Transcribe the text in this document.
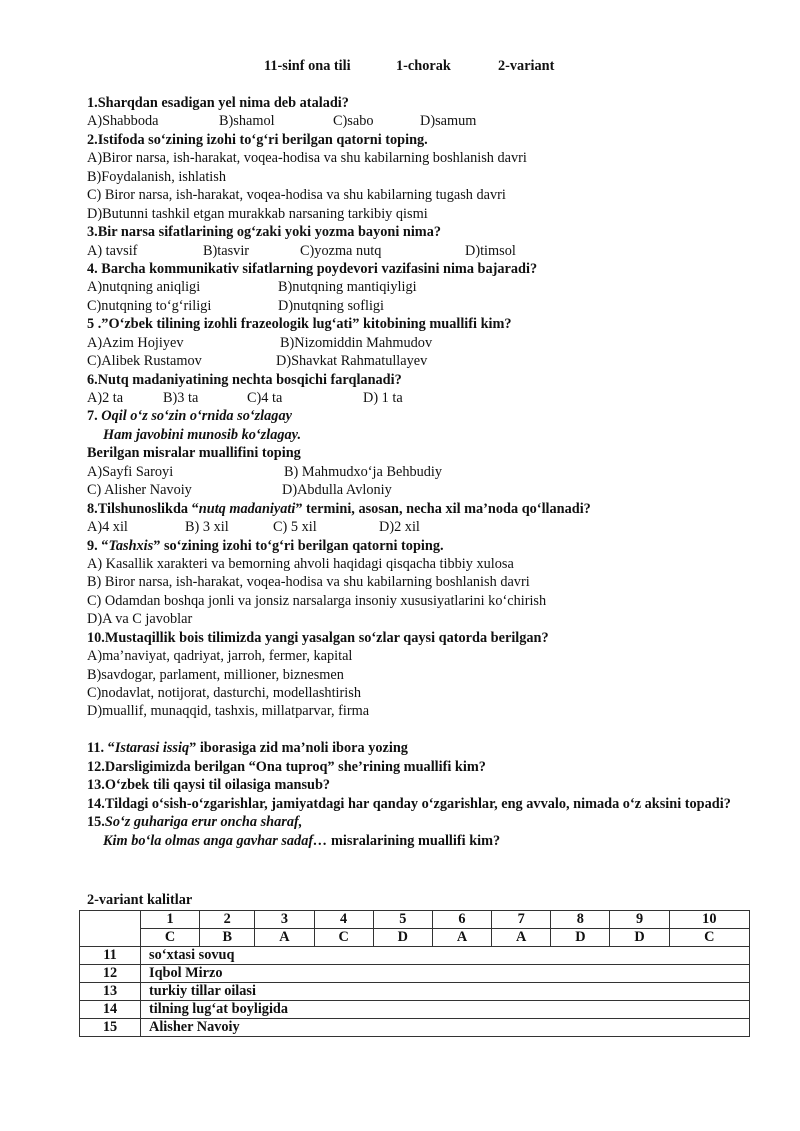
11-sinf ona tili	1-chorak	2-variant
1.Sharqdan esadigan yel nima deb ataladi?
A)Shabboda	B)shamol	C)sabo	D)samum
2.Istifoda so‘zining izohi to‘g‘ri berilgan qatorni toping.
A)Biror narsa, ish-harakat, voqea-hodisa va shu kabilarning boshlanish davri
B)Foydalanish, ishlatish
C) Biror narsa, ish-harakat, voqea-hodisa va shu kabilarning tugash davri
D)Butunni tashkil etgan murakkab narsaning tarkibiy qismi
3.Bir narsa sifatlarining og‘zaki yoki yozma bayoni nima?
A) tavsif	B)tasvir	C)yozma nutq	D)timsol
4. Barcha kommunikativ sifatlarning poydevori vazifasini nima bajaradi?
A)nutqning aniqligi	B)nutqning mantiqiyligi
C)nutqning to‘g‘riligi	D)nutqning sofligi
5 .”O‘zbek tilining izohli frazeologik lug‘ati” kitobining muallifi kim?
A)Azim Hojiyev	B)Nizomiddin Mahmudov
C)Alibek Rustamov	D)Shavkat Rahmatullayev
6.Nutq madaniyatining nechta bosqichi farqlanadi?
A)2 ta	B)3 ta	C)4 ta	D) 1 ta
7. Oqil o‘z so‘zin o‘rnida so‘zlagay
Ham javobini munosib ko‘zlagay.
Berilgan misralar muallifini toping
A)Sayfi Saroyi	B) Mahmudxo‘ja Behbudiy
C) Alisher Navoiy	D)Abdulla Avloniy
8.Tilshunoslikda “nutq madaniyati” termini, asosan, necha xil ma’noda qo‘llanadi?
A)4 xil	B) 3 xil	C) 5 xil	D)2 xil
9. “Tashxis” so‘zining izohi to‘g‘ri berilgan qatorni toping.
A) Kasallik xarakteri va bemorning ahvoli haqidagi qisqacha tibbiy xulosa
B) Biror narsa, ish-harakat, voqea-hodisa va shu kabilarning boshlanish davri
C) Odamdan boshqa jonli va jonsiz narsalarga insoniy xususiyatlarini ko‘chirish
D)A va C javoblar
10.Mustaqillik bois tilimizda yangi yasalgan so‘zlar qaysi qatorda berilgan?
A)ma’naviyat, qadriyat, jarroh, fermer, kapital
B)savdogar, parlament, millioner, biznesmen
C)nodavlat, notijorat, dasturchi, modellashtirish
D)muallif, munaqqid, tashxis, millatparvar, firma
11. “Istarasi issiq” iborasiga zid ma’noli ibora yozing
12.Darsligimizda berilgan “Ona tuproq” she’rining muallifi kim?
13.O‘zbek tili qaysi til oilasiga mansub?
14.Tildagi o‘sish-o‘zgarishlar, jamiyatdagi har qanday o‘zgarishlar, eng avvalo, nimada o‘z aksini topadi?
15.So‘z guhariga erur oncha sharaf,
Kim bo‘la olmas anga gavhar sadaf… misralarining muallifi kim?
2-variant kalitlar
	1	2	3	4	5	6	7	8	9	10
	C	B	A	C	D	A	A	D	D	C
11	so‘xtasi sovuq									
12	Iqbol Mirzo									
13	turkiy tillar oilasi									
14	tilning lug‘at boyligida									
15	Alisher Navoiy									
